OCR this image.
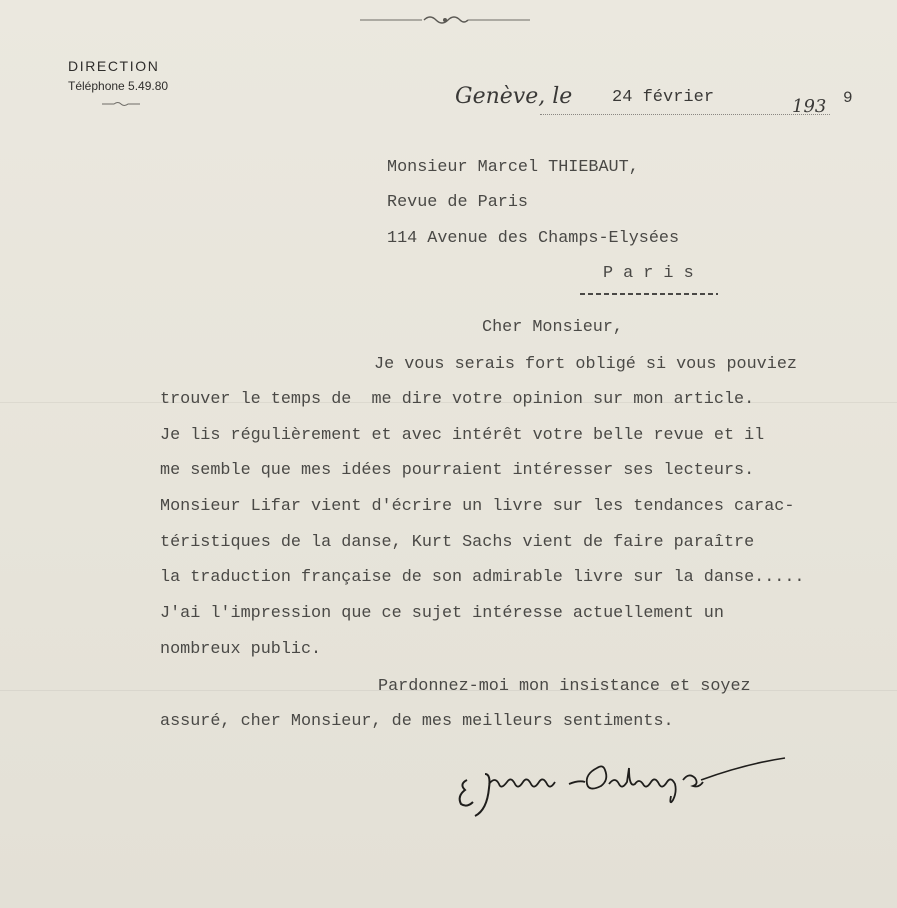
DIRECTION
Téléphone 5.49.80	Genève, le 24 février	193 9
Monsieur Marcel THIEBAUT,
Revue de Paris
114 Avenue des Champs-Elysées
P a r i s
Cher Monsieur,
Je vous serais fort obligé si vous pouviez
trouver le temps de  me dire votre opinion sur mon article.
Je lis régulièrement et avec intérêt votre belle revue et il
me semble que mes idées pourraient intéresser ses lecteurs.
Monsieur Lifar vient d'écrire un livre sur les tendances carac-
téristiques de la danse, Kurt Sachs vient de faire paraître
la traduction française de son admirable livre sur la danse.....
J'ai l'impression que ce sujet intéresse actuellement un
nombreux public.
Pardonnez-moi mon insistance et soyez
assuré, cher Monsieur, de mes meilleurs sentiments.
